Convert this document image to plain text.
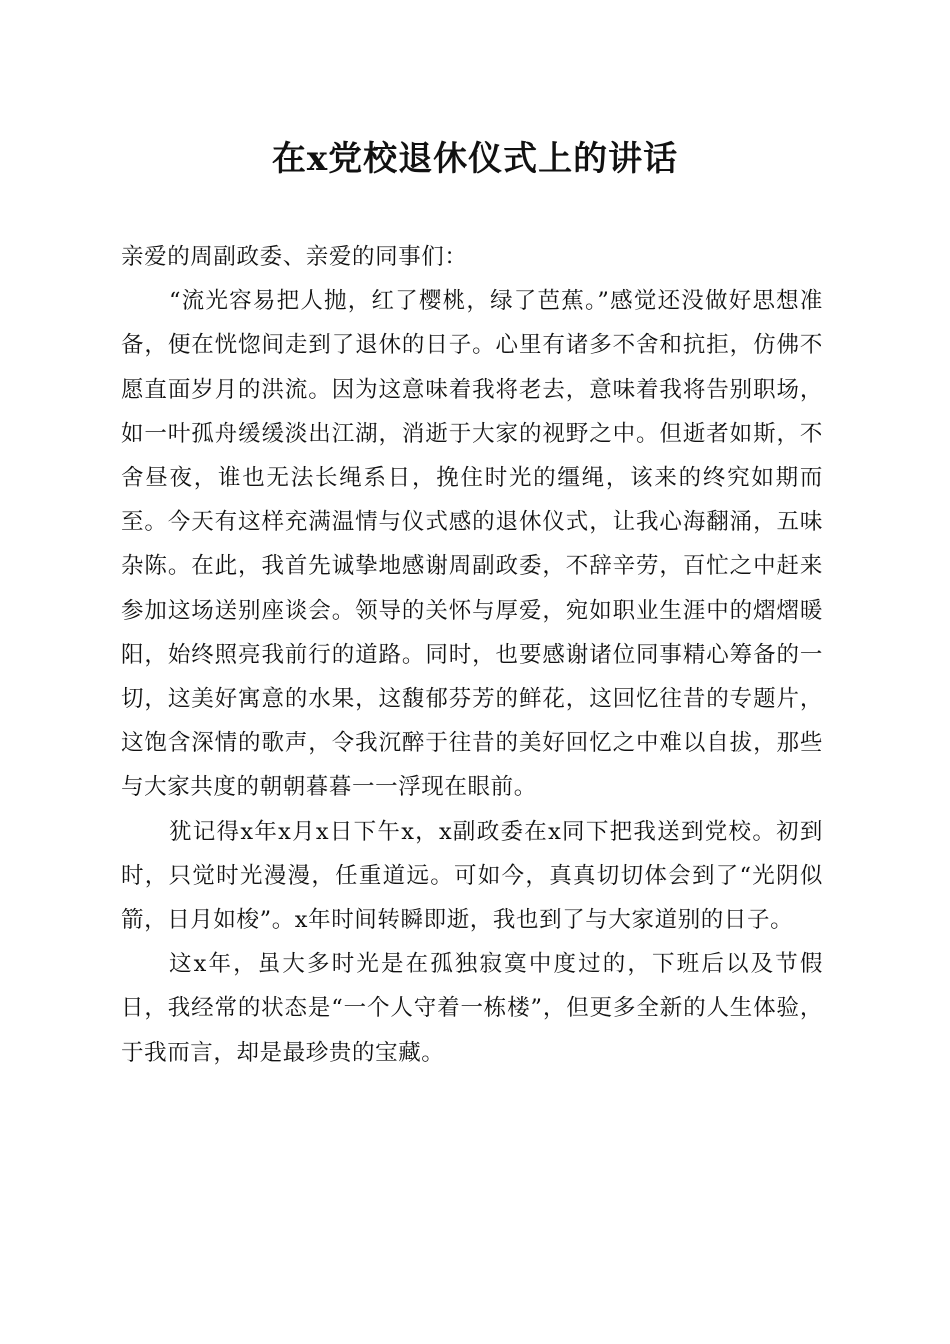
在x党校退休仪式上的讲话

亲爱的周副政委、亲爱的同事们：

“流光容易把人抛，红了樱桃，绿了芭蕉。”感觉还没做好思想准备，便在恍惚间走到了退休的日子。心里有诸多不舍和抗拒，仿佛不愿直面岁月的洪流。因为这意味着我将老去，意味着我将告别职场，如一叶孤舟缓缓淡出江湖，消逝于大家的视野之中。但逝者如斯，不舍昼夜，谁也无法长绳系日，挽住时光的缰绳，该来的终究如期而至。今天有这样充满温情与仪式感的退休仪式，让我心海翻涌，五味杂陈。在此，我首先诚挚地感谢周副政委，不辞辛劳，百忙之中赶来参加这场送别座谈会。领导的关怀与厚爱，宛如职业生涯中的熠熠暖阳，始终照亮我前行的道路。同时，也要感谢诸位同事精心筹备的一切，这美好寓意的水果，这馥郁芬芳的鲜花，这回忆往昔的专题片，这饱含深情的歌声，令我沉醉于往昔的美好回忆之中难以自拔，那些与大家共度的朝朝暮暮一一浮现在眼前。

犹记得x年x月x日下午x，x副政委在x同下把我送到党校。初到时，只觉时光漫漫，任重道远。可如今，真真切切体会到了“光阴似箭，日月如梭”。x年时间转瞬即逝，我也到了与大家道别的日子。

这x年，虽大多时光是在孤独寂寞中度过的，下班后以及节假日，我经常的状态是“一个人守着一栋楼”，但更多全新的人生体验，于我而言，却是最珍贵的宝藏。
